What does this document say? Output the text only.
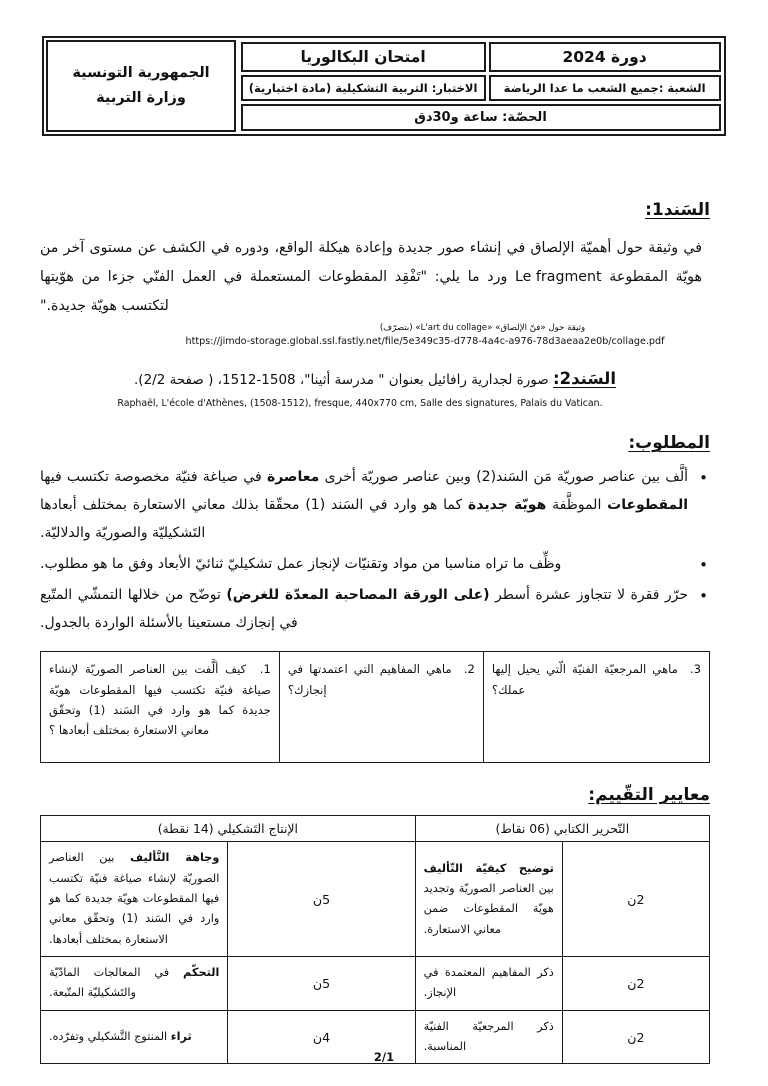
دورة 2024
امتحان البكالوريا
الشعبة :جميع الشعب ما عدا الرياضة
الاختبار: التربية التشكيلية (مادة اختبارية)
الحصّة: ساعة و30دق
الجمهورية التونسية
وزارة التربية
السَند1:

في وثيقة حول أهميّة الإلصاق في إنشاء صور جديدة وإعادة هيكلة الواقع، ودوره في الكشف عن مستوى آخر من هويّة المقطوعة Le fragment ورد ما يلي: "تَفْقِد المقطوعات المستعملة في العمل الفنّي جزءا من هوّيتها لتكتسب هويّة جديدة."

وثيقة حول «فنّ الإلصاق» «L'art du collage» (بتصرّف)
https://jimdo-storage.global.ssl.fastly.net/file/5e349c35-d778-4a4c-a976-78d3aeaa2e0b/collage.pdf

السَند2: صورة لجدارية رافائيل بعنوان " مدرسة أثينا"، 1508-1512، ( صفحة 2/2).

Raphaël, L'école d'Athènes, (1508-1512), fresque, 440x770 cm, Salle des signatures, Palais du Vatican.
المطلوب:
• ألَّف بين عناصر صوريّة مَن السَند(2) وبين عناصر صوريّة أخرى معاصرة في صياغة فنيّة مخصوصة تكتسب فيها المقطوعات الموظَّفة هويّة جديدة كما هو وارد في السَند (1) محقّقا بذلك معاني الاستعارة بمختلف أبعادها التَشكيليّة والصوريّة والدلاليّة.
• وظِّف ما تراه مناسبا من مواد وتقنيّات لإنجاز عمل تشكيليّ ثنائيّ الأبعاد وفق ما هو مطلوب.
• حرّر فقرة لا تتجاوز عشرة أسطر (على الورقة المصاحبة المعدّة للغرض) توضّح من خلالها التمشّي المتّبع في إنجازك مستعينا بالأسئلة الواردة بالجدول.
3.  ماهي المرجعيّة الفنيّة الّتي يحيل إليها عملك؟	2.  ماهي المفاهيم التي اعتمدتها في إنجازك؟	1.  كيف ألَّفت بين العناصر الصوريّة لإنشاء صياغة فنيّة تكتسب فيها المقطوعات هويّة جديدة كما هو وارد في السَند (1) وتحقّق معاني الاستعارة بمختلف أبعادها ؟
معايير التقّييم:
التّحرير الكتابي (06 نقاط)		الإنتاج التَشكيلي (14 نقطة)	
2ن	توضيح كيفيّة التّأليف بين العناصر الصوريّة وتجديد هويّة المقطوعات ضمن معاني الاستعارة.	5ن	وجاهة التَّأليف بين العناصر الصوريّة لإنشاء صياغة فنيّة تكتسب فيها المقطوعات هويّة جديدة كما هو وارد في السَند (1) وتحقّق معاني الاستعارة بمختلف أبعادها.
2ن	ذكر المفاهيم المعتمدة في الإنجاز.	5ن	التحكّم في المعالجات المادّيّة والتَشكيليّة المتّبعة.
2ن	ذكر المرجعيّة الفنيّة المناسبة.	4ن	ثراء المنتوج التَّشكيلي وتفرّده.
2/1
